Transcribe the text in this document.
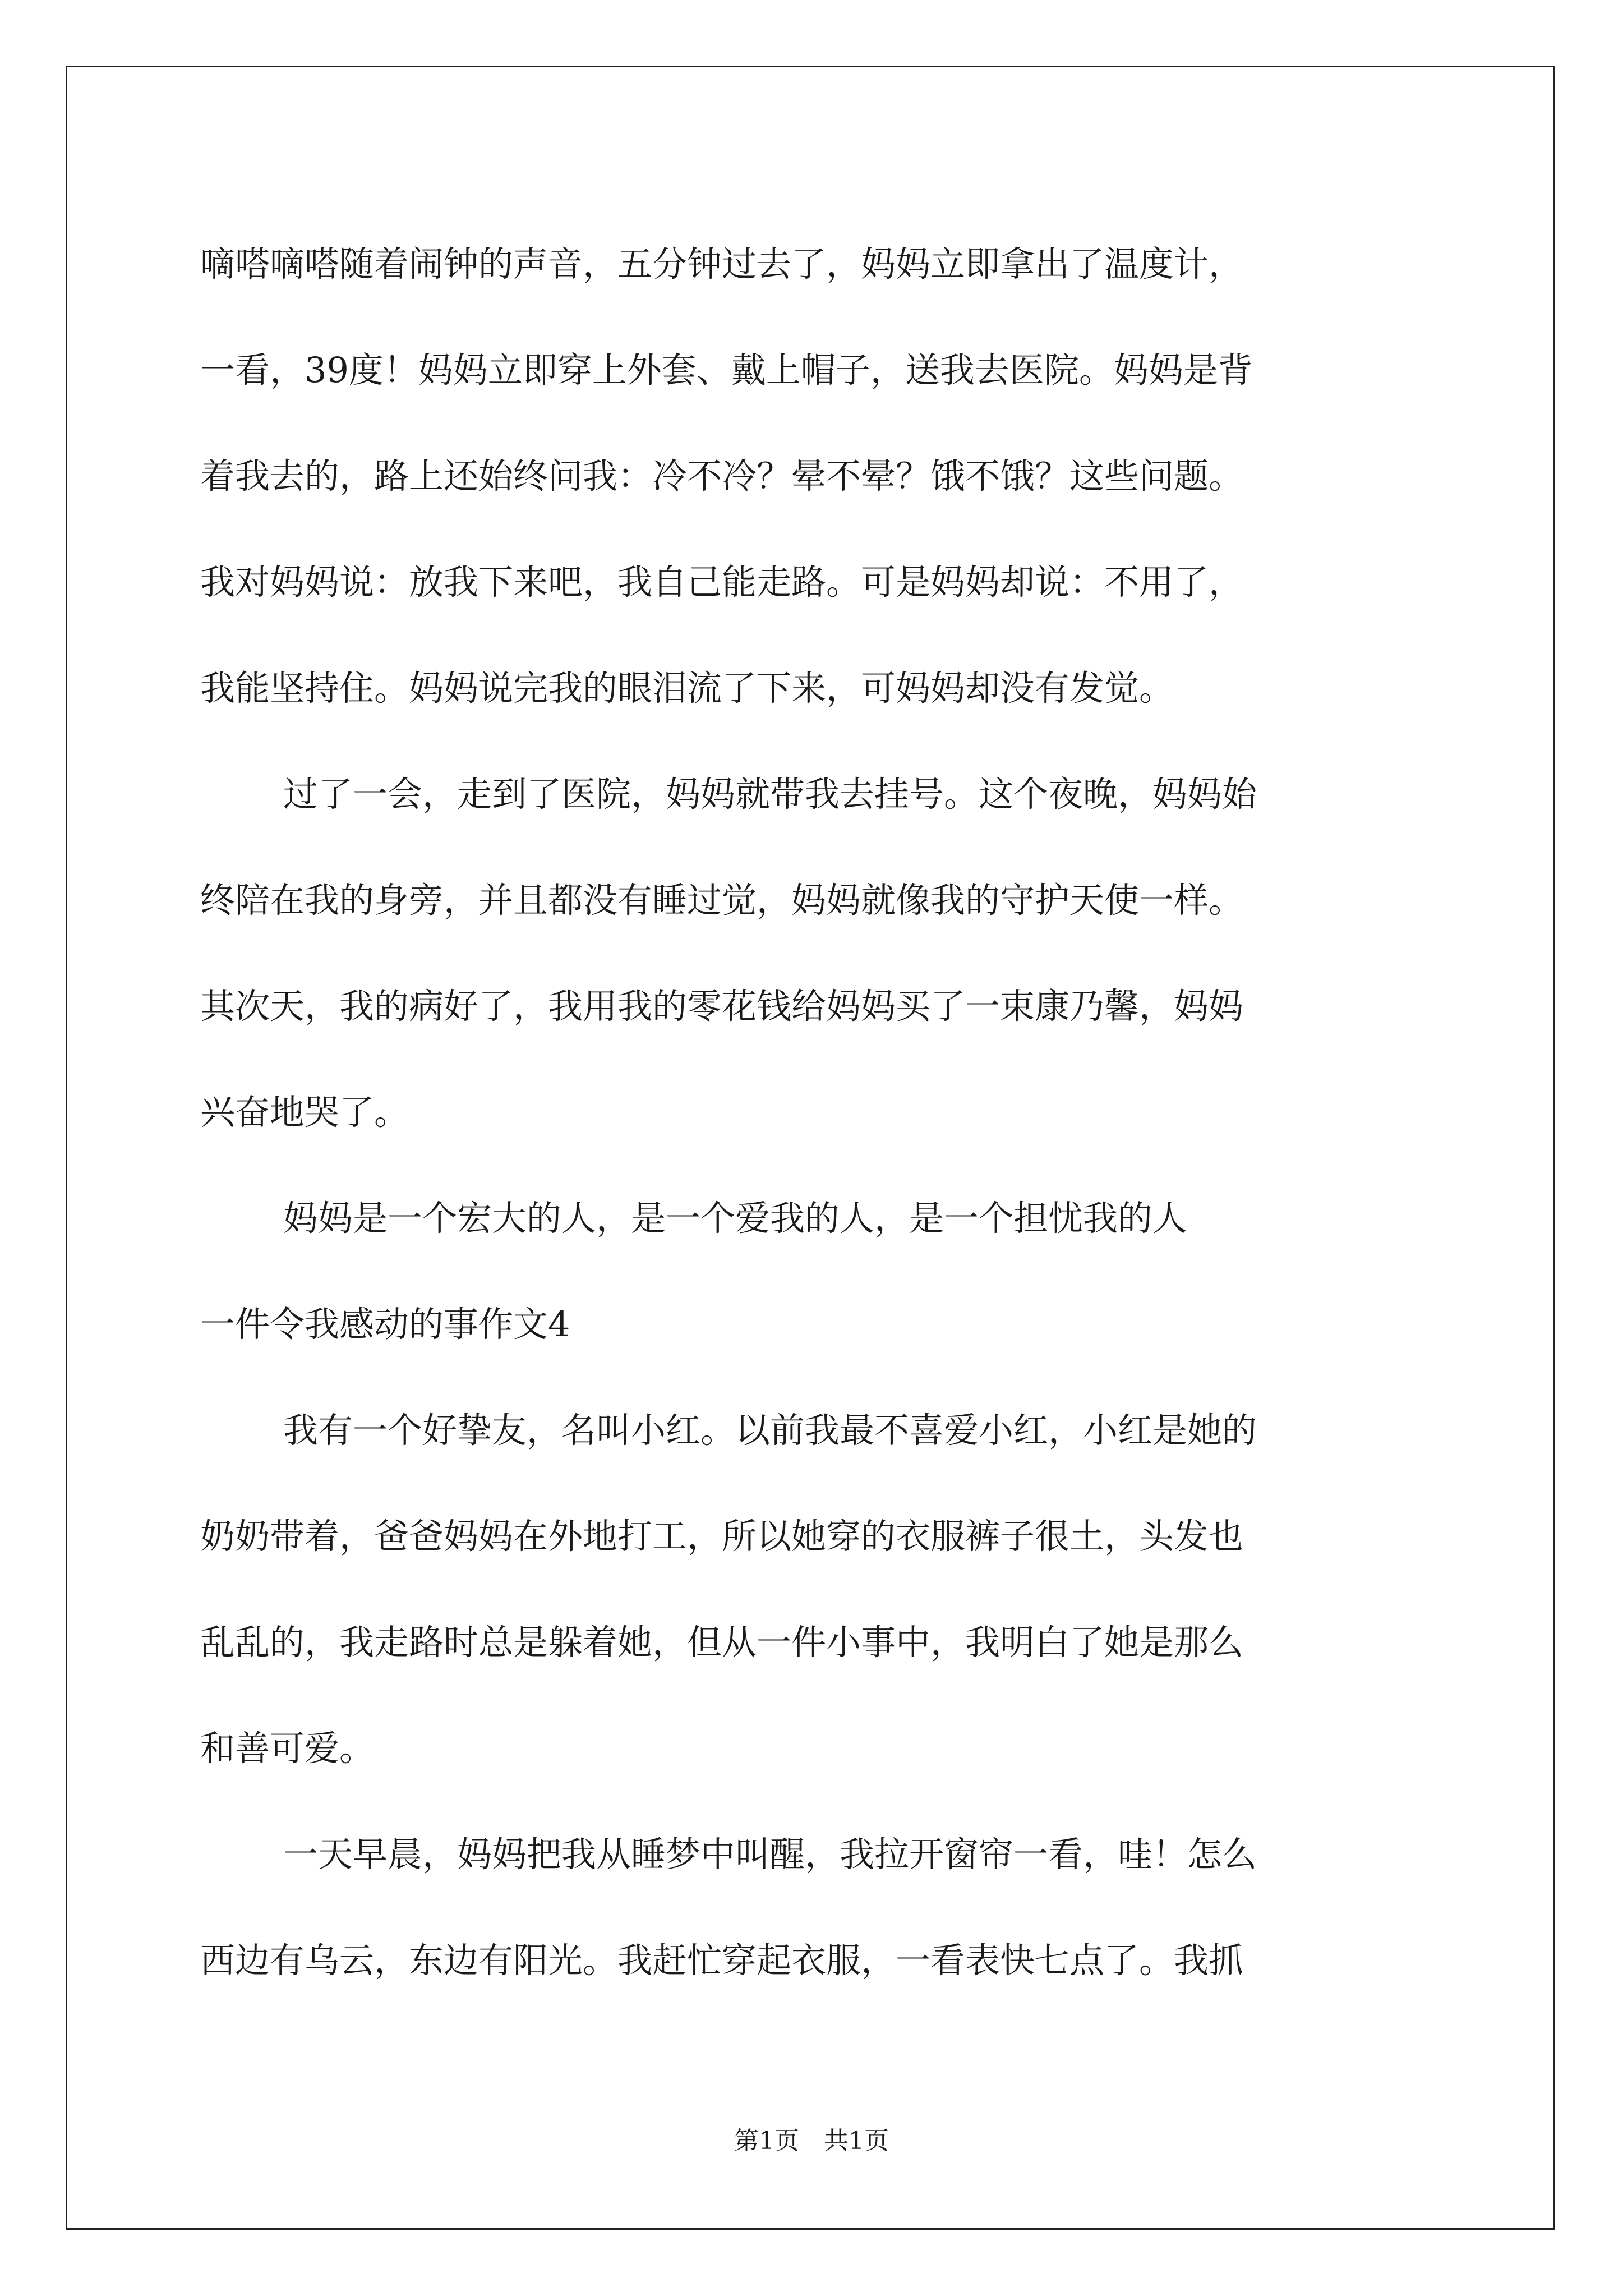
嘀嗒嘀嗒随着闹钟的声音，五分钟过去了，妈妈立即拿出了温度计，
一看，39度！妈妈立即穿上外套、戴上帽子，送我去医院。妈妈是背
着我去的，路上还始终问我：冷不冷？晕不晕？饿不饿？这些问题。
我对妈妈说：放我下来吧，我自己能走路。可是妈妈却说：不用了，
我能坚持住。妈妈说完我的眼泪流了下来，可妈妈却没有发觉。
过了一会，走到了医院，妈妈就带我去挂号。这个夜晚，妈妈始
终陪在我的身旁，并且都没有睡过觉，妈妈就像我的守护天使一样。
其次天，我的病好了，我用我的零花钱给妈妈买了一束康乃馨，妈妈
兴奋地哭了。
妈妈是一个宏大的人，是一个爱我的人，是一个担忧我的人
一件令我感动的事作文4
我有一个好挚友，名叫小红。以前我最不喜爱小红，小红是她的
奶奶带着，爸爸妈妈在外地打工，所以她穿的衣服裤子很土，头发也
乱乱的，我走路时总是躲着她，但从一件小事中，我明白了她是那么
和善可爱。
一天早晨，妈妈把我从睡梦中叫醒，我拉开窗帘一看，哇！怎么
西边有乌云，东边有阳光。我赶忙穿起衣服，一看表快七点了。我抓
第1页　共1页
